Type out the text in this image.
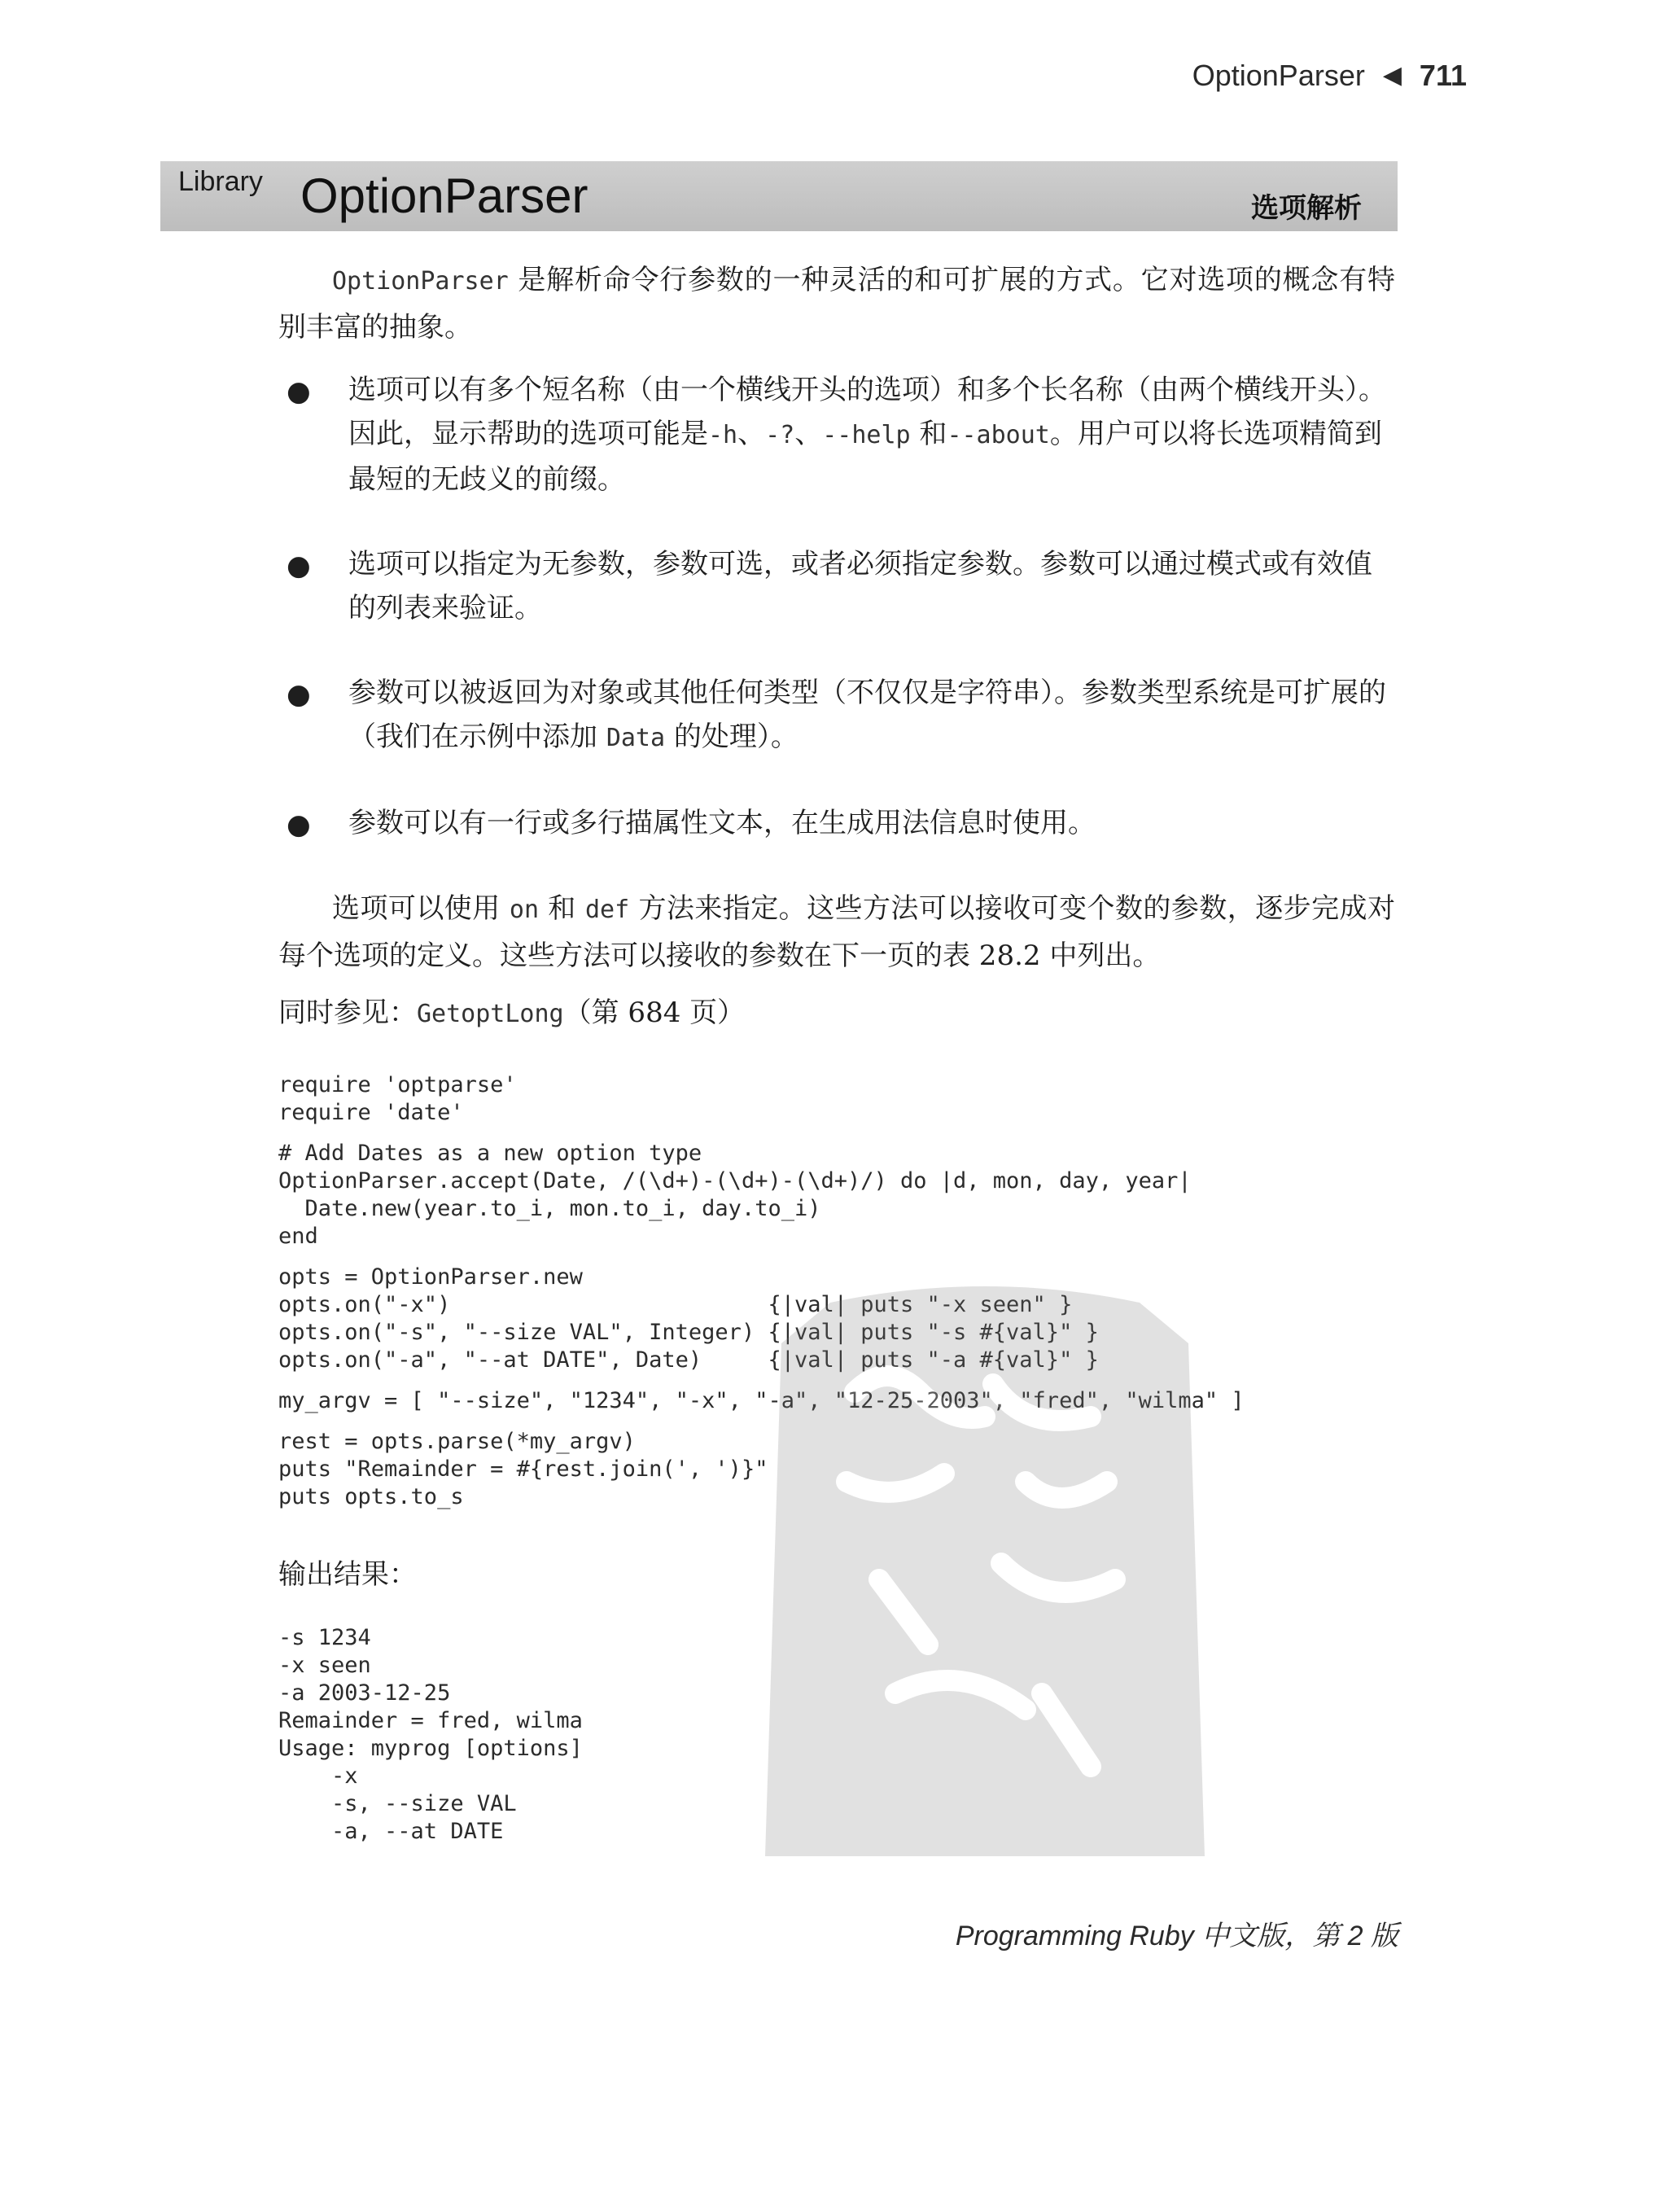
OptionParser ◀ 711
Library OptionParser	选项解析

OptionParser 是解析命令行参数的一种灵活的和可扩展的方式。它对选项的概念有特别丰富的抽象。

● 选项可以有多个短名称（由一个横线开头的选项）和多个长名称（由两个横线开头）。因此，显示帮助的选项可能是-h、-?、--help 和--about。用户可以将长选项精简到最短的无歧义的前缀。
● 选项可以指定为无参数，参数可选，或者必须指定参数。参数可以通过模式或有效值的列表来验证。
● 参数可以被返回为对象或其他任何类型（不仅仅是字符串）。参数类型系统是可扩展的（我们在示例中添加 Data 的处理）。
● 参数可以有一行或多行描属性文本，在生成用法信息时使用。

选项可以使用 on 和 def 方法来指定。这些方法可以接收可变个数的参数，逐步完成对每个选项的定义。这些方法可以接收的参数在下一页的表 28.2 中列出。

同时参见：GetoptLong（第 684 页）

require 'optparse'
require 'date'
# Add Dates as a new option type
OptionParser.accept(Date, /(\d+)-(\d+)-(\d+)/) do |d, mon, day, year|
Date.new(year.to_i, mon.to_i, day.to_i)
end
opts = OptionParser.new
opts.on("-x")                        {|val| puts "-x seen" }
opts.on("-s", "--size VAL", Integer) {|val| puts "-s #{val}" }
opts.on("-a", "--at DATE", Date)     {|val| puts "-a #{val}" }
my_argv = [ "--size", "1234", "-x", "-a", "12-25-2003", "fred", "wilma" ]
rest = opts.parse(*my_argv)
puts "Remainder = #{rest.join(', ')}"
puts opts.to_s

输出结果：

-s 1234
-x seen
-a 2003-12-25
Remainder = fred, wilma
Usage: myprog [options]
-x
-s, --size VAL
-a, --at DATE
Programming Ruby 中文版，第 2 版
